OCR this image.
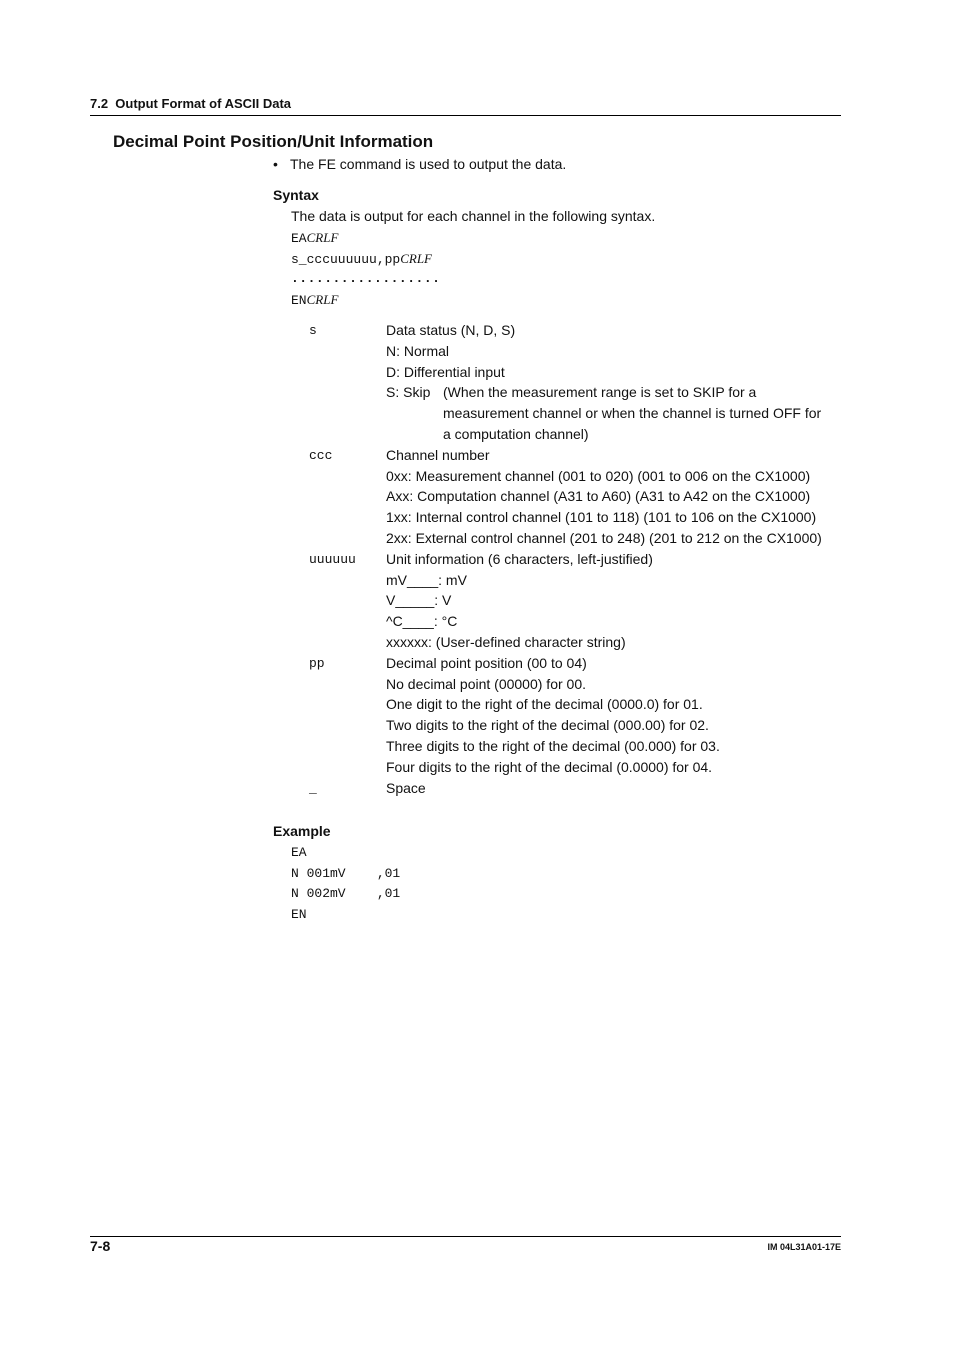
7.2  Output Format of ASCII Data
Decimal Point Position/Unit Information
• The FE command is used to output the data.
Syntax
The data is output for each channel in the following syntax.
EACRLF
s_cccuuuuuu,ppCRLF
..................
ENCRLF
s	Data status (N, D, S)
N: Normal
D: Differential input
S: Skip (When the measurement range is set to SKIP for a
measurement channel or when the channel is turned OFF for
a computation channel)
ccc	Channel number
0xx: Measurement channel (001 to 020) (001 to 006 on the CX1000)
Axx: Computation channel (A31 to A60) (A31 to A42 on the CX1000)
1xx: Internal control channel (101 to 118) (101 to 106 on the CX1000)
2xx: External control channel (201 to 248) (201 to 212 on the CX1000)
uuuuuu	Unit information (6 characters, left-justified)
mV____: mV
V_____: V
^C____: °C
xxxxxx: (User-defined character string)
pp	Decimal point position (00 to 04)
No decimal point (00000) for 00.
One digit to the right of the decimal (0000.0) for 01.
Two digits to the right of the decimal (000.00) for 02.
Three digits to the right of the decimal (00.000) for 03.
Four digits to the right of the decimal (0.0000) for 04.
_	Space
Example
EA
N 001mV    ,01
N 002mV    ,01
EN
7-8	IM 04L31A01-17E
